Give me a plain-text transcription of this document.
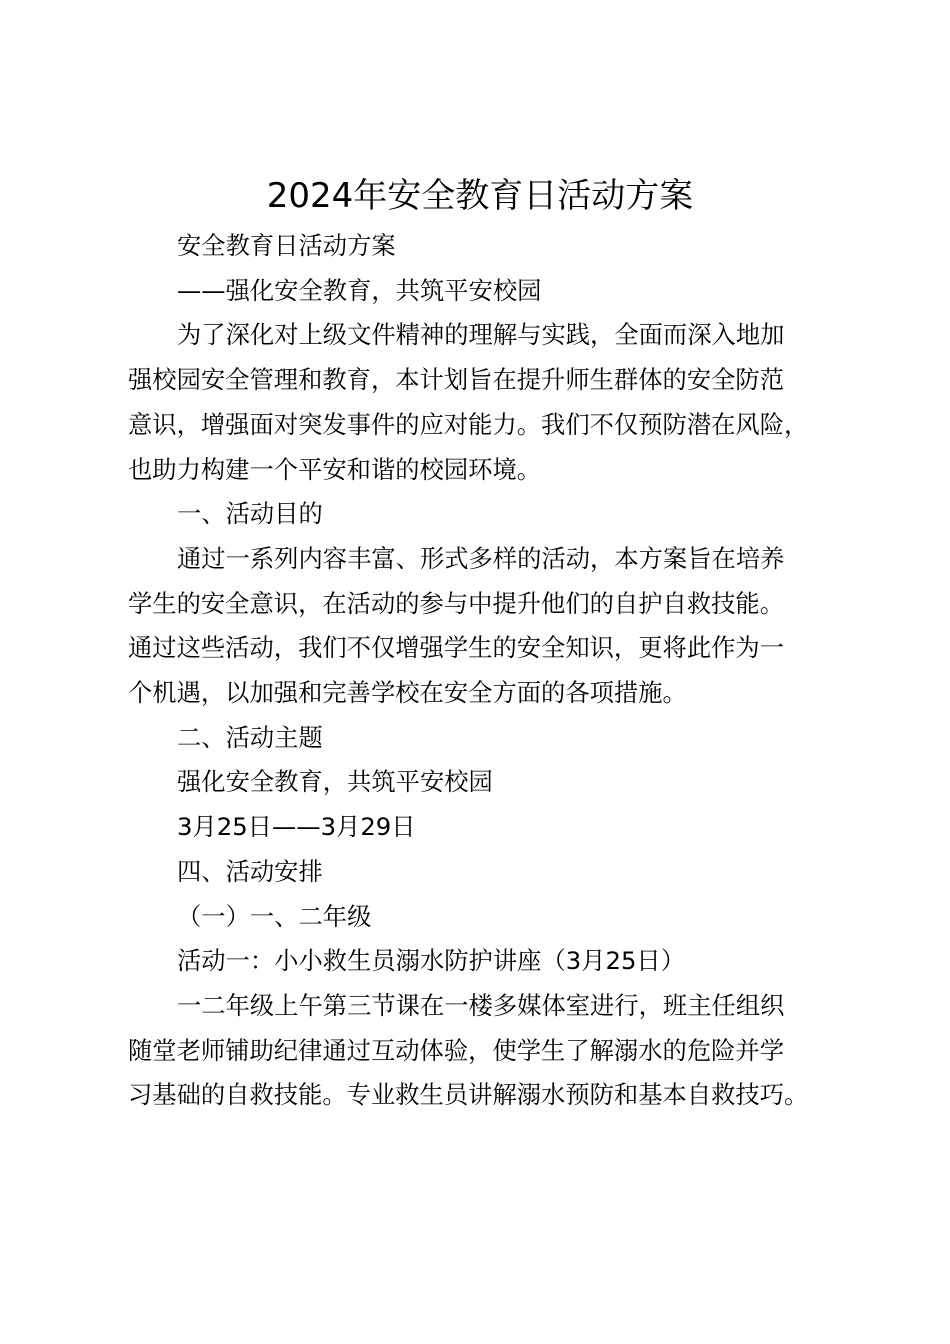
2024年安全教育日活动方案
安全教育日活动方案
——强化安全教育，共筑平安校园
为了深化对上级文件精神的理解与实践，全面而深入地加
强校园安全管理和教育，本计划旨在提升师生群体的安全防范
意识，增强面对突发事件的应对能力。我们不仅预防潜在风险，
也助力构建一个平安和谐的校园环境。
一、活动目的
通过一系列内容丰富、形式多样的活动，本方案旨在培养
学生的安全意识，在活动的参与中提升他们的自护自救技能。
通过这些活动，我们不仅增强学生的安全知识，更将此作为一
个机遇，以加强和完善学校在安全方面的各项措施。
二、活动主题
强化安全教育，共筑平安校园
3月25日——3月29日
四、活动安排
（一）一、二年级
活动一：小小救生员溺水防护讲座（3月25日）
一二年级上午第三节课在一楼多媒体室进行，班主任组织
随堂老师铺助纪律通过互动体验，使学生了解溺水的危险并学
习基础的自救技能。专业救生员讲解溺水预防和基本自救技巧。
